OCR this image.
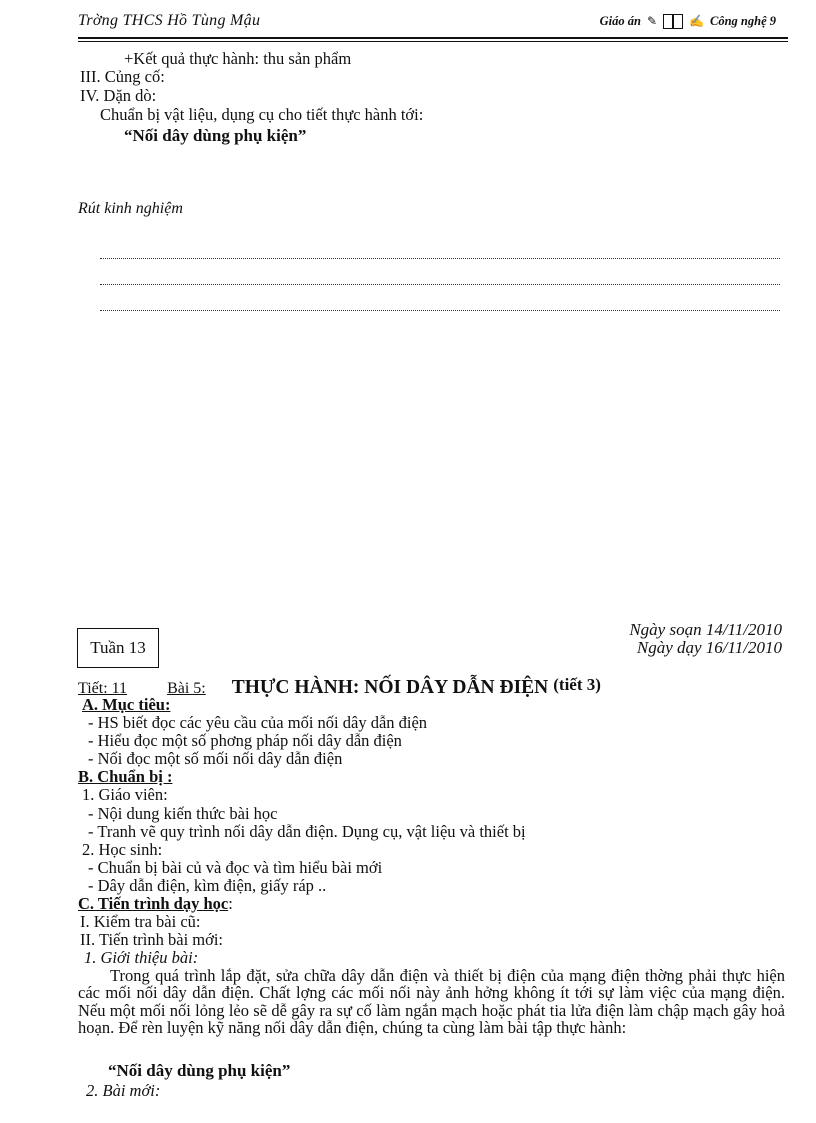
Trờng THCS Hồ Tùng Mậu	Giáo án ✎	✍ Công nghệ 9
+Kết quả thực hành: thu sản phẩm
III. Củng cố:
IV. Dặn dò:
Chuẩn bị vật liệu, dụng cụ cho tiết thực hành tới:
“Nối dây dùng phụ kiện”
Rút kinh nghiệm
Tuần 13
Ngày soạn 14/11/2010
Ngày dạy 16/11/2010
Tiết: 11	Bài 5: THỰC HÀNH: NỐI DÂY DẪN ĐIỆN (tiết 3)
A. Mục tiêu:
- HS biết đọc các yêu cầu của mối nối dây dẫn điện
- Hiểu đọc một số phơng pháp nối dây dẫn điện
- Nối đọc một số mối nối dây dẫn điện
B. Chuẩn bị :
1. Giáo viên:
- Nội dung kiến thức bài học
- Tranh vẽ quy trình nối dây dẫn điện. Dụng cụ, vật liệu và thiết bị
2. Học sinh:
- Chuẩn bị bài củ và đọc và tìm hiểu bài mới
- Dây dẫn điện, kìm điện, giấy ráp ..
C. Tiến trình dạy học:
I. Kiểm tra bài cũ:
II. Tiến trình bài mới:
1. Giới thiệu bài:

Trong quá trình lắp đặt, sửa chữa dây dẫn điện và thiết bị điện của mạng điện thờng phải thực hiện các mối nối dây dẫn điện. Chất lợng các mối nối này ảnh hởng không ít tới sự làm việc của mạng điện. Nếu một mối nối lỏng lẻo sẽ dễ gây ra sự cố làm ngắn mạch hoặc phát tia lửa điện làm chập mạch gây hoả hoạn. Để rèn luyện kỹ năng nối dây dẫn điện, chúng ta cùng làm bài tập thực hành:

“Nối dây dùng phụ kiện”
2. Bài mới:
